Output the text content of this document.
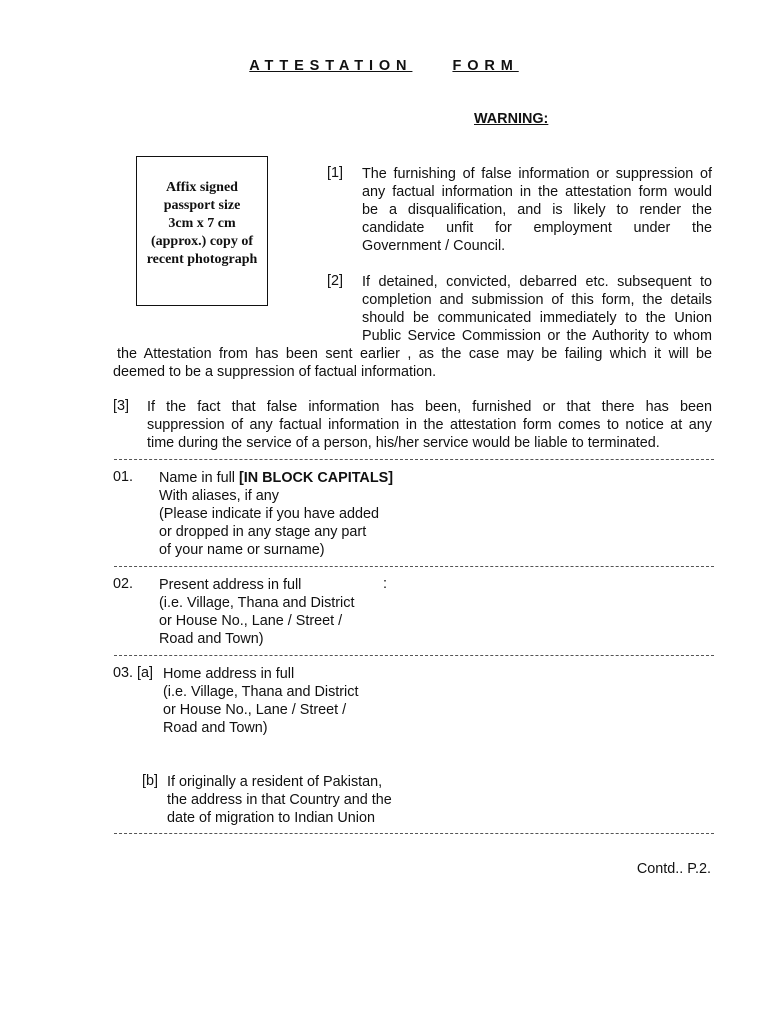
ATTESTATION	FORM
WARNING:
Affix signed
passport size
3cm x 7 cm
(approx.) copy of
recent photograph
[1] The furnishing of false information or suppression of
any factual information in the attestation form would
be a disqualification, and is likely to render the
candidate unfit for employment under the
Government / Council.
[2] If detained, convicted, debarred etc. subsequent to
completion and submission of this form, the details
should be communicated immediately to the Union
Public Service Commission or the Authority to whom
the Attestation from has been sent earlier , as the case may be failing which it will be
deemed to be a suppression of factual information.
[3] If the fact that false information has been, furnished or that there has been
suppression of any factual information in the attestation form comes to notice at any
time during the service of a person, his/her service would be liable to terminated.
01. Name in full [IN BLOCK CAPITALS]
With aliases, if any
(Please indicate if you have added
or dropped in any stage any part
of your name or surname)
02. Present address in full
(i.e. Village, Thana and District
or House No., Lane / Street /
Road and Town)
:
03. [a] Home address in full
(i.e. Village, Thana and District
or House No., Lane / Street /
Road and Town)
[b] If originally a resident of Pakistan,
the address in that Country and the
date of migration to Indian Union
Contd.. P.2.
